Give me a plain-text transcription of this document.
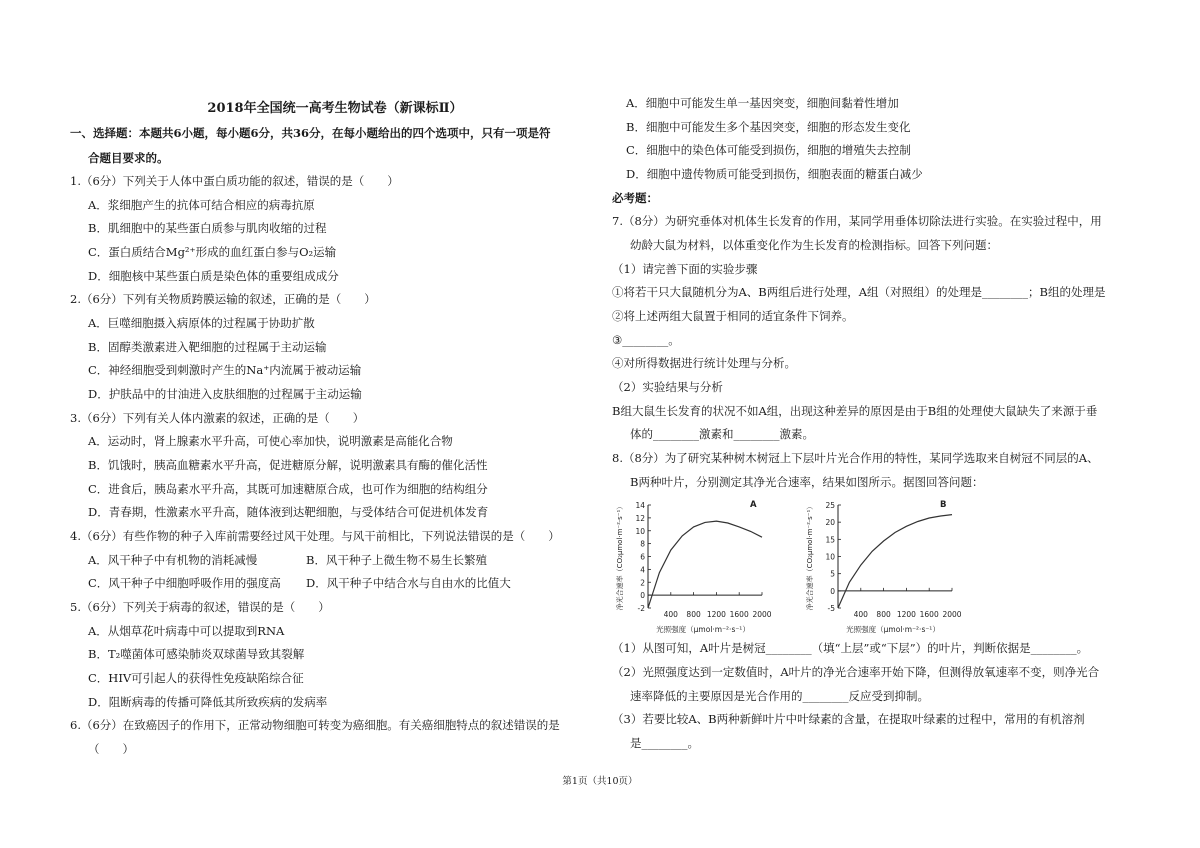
2018年全国统一高考生物试卷（新课标Ⅱ）
一、选择题：本题共6小题，每小题6分，共36分，在每小题给出的四个选项中，只有一项是符
合题目要求的。
1.（6分）下列关于人体中蛋白质功能的叙述，错误的是（　　）
A．浆细胞产生的抗体可结合相应的病毒抗原
B．肌细胞中的某些蛋白质参与肌肉收缩的过程
C．蛋白质结合Mg²⁺形成的血红蛋白参与O₂运输
D．细胞核中某些蛋白质是染色体的重要组成成分
2.（6分）下列有关物质跨膜运输的叙述，正确的是（　　）
A．巨噬细胞摄入病原体的过程属于协助扩散
B．固醇类激素进入靶细胞的过程属于主动运输
C．神经细胞受到刺激时产生的Na⁺内流属于被动运输
D．护肤品中的甘油进入皮肤细胞的过程属于主动运输
3.（6分）下列有关人体内激素的叙述，正确的是（　　）
A．运动时，肾上腺素水平升高，可使心率加快，说明激素是高能化合物
B．饥饿时，胰高血糖素水平升高，促进糖原分解，说明激素具有酶的催化活性
C．进食后，胰岛素水平升高，其既可加速糖原合成，也可作为细胞的结构组分
D．青春期，性激素水平升高，随体液到达靶细胞，与受体结合可促进机体发育
4.（6分）有些作物的种子入库前需要经过风干处理。与风干前相比，下列说法错误的是（　　）
A．风干种子中有机物的消耗减慢	B．风干种子上微生物不易生长繁殖
C．风干种子中细胞呼吸作用的强度高 D．风干种子中结合水与自由水的比值大
5.（6分）下列关于病毒的叙述，错误的是（　　）
A．从烟草花叶病毒中可以提取到RNA
B．T₂噬菌体可感染肺炎双球菌导致其裂解
C．HIV可引起人的获得性免疫缺陷综合征
D．阻断病毒的传播可降低其所致疾病的发病率
6.（6分）在致癌因子的作用下，正常动物细胞可转变为癌细胞。有关癌细胞特点的叙述错误的是
（　　）
A．细胞中可能发生单一基因突变，细胞间黏着性增加
B．细胞中可能发生多个基因突变，细胞的形态发生变化
C．细胞中的染色体可能受到损伤，细胞的增殖失去控制
D．细胞中遗传物质可能受到损伤，细胞表面的糖蛋白减少
必考题：
7.（8分）为研究垂体对机体生长发育的作用，某同学用垂体切除法进行实验。在实验过程中，用
幼龄大鼠为材料，以体重变化作为生长发育的检测指标。回答下列问题：
（1）请完善下面的实验步骤
①将若干只大鼠随机分为A、B两组后进行处理，A组（对照组）的处理是________；B组的处理是
②将上述两组大鼠置于相同的适宜条件下饲养。
③________。
④对所得数据进行统计处理与分析。
（2）实验结果与分析
B组大鼠生长发育的状况不如A组，出现这种差异的原因是由于B组的处理使大鼠缺失了来源于垂
体的________激素和________激素。
8.（8分）为了研究某种树木树冠上下层叶片光合作用的特性，某同学选取来自树冠不同层的A、
B两种叶片，分别测定其净光合速率，结果如图所示。据图回答问题：
-2
0
2
4
6
8
10
12
14
400 800 1200 1600 2000
A
光照强度（μmol·m⁻²·s⁻¹）
净光合速率（CO₂μmol·m⁻²·s⁻¹）	-5
0
5
10
15
20
25
400 800 1200 1600 2000
B
光照强度（μmol·m⁻²·s⁻¹）
净光合速率（CO₂μmol·m⁻²·s⁻¹）
（1）从图可知，A叶片是树冠________（填“上层”或“下层”）的叶片，判断依据是________。
（2）光照强度达到一定数值时，A叶片的净光合速率开始下降，但测得放氧速率不变，则净光合
速率降低的主要原因是光合作用的________反应受到抑制。
（3）若要比较A、B两种新鲜叶片中叶绿素的含量，在提取叶绿素的过程中，常用的有机溶剂
是________。
第1页（共10页）
